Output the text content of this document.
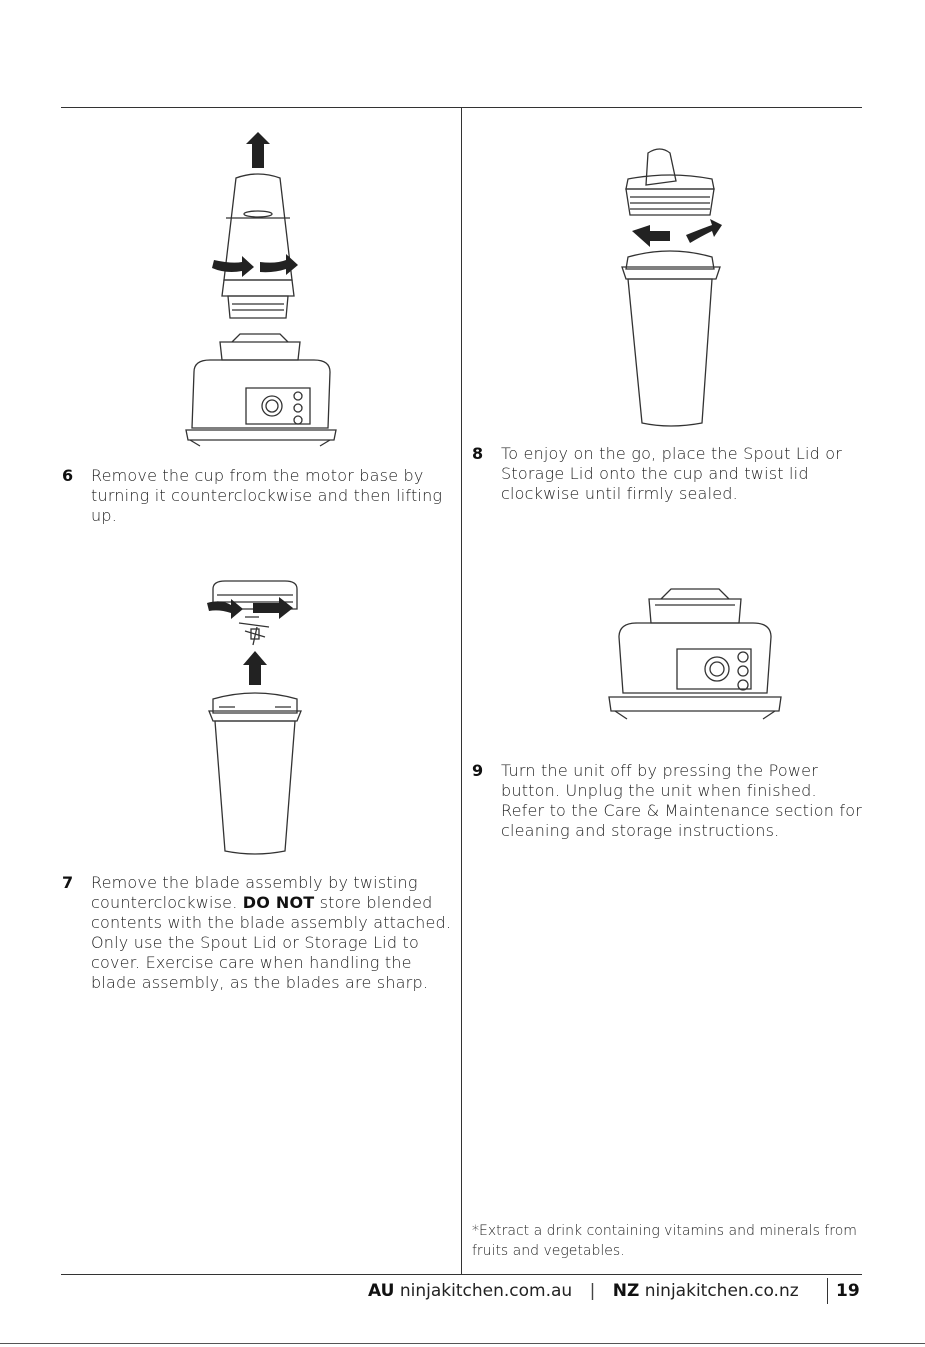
6 Remove the cup from the motor base by turning it counterclockwise and then lifting up.
7 Remove the blade assembly by twisting counterclockwise. DO NOT store blended contents with the blade assembly attached. Only use the Spout Lid or Storage Lid to cover. Exercise care when handling the blade assembly, as the blades are sharp.
8 To enjoy on the go, place the Spout Lid or Storage Lid onto the cup and twist lid clockwise until firmly sealed.
9 Turn the unit off by pressing the Power button. Unplug the unit when finished. Refer to the Care & Maintenance section for cleaning and storage instructions.
*Extract a drink containing vitamins and minerals from fruits and vegetables.
AU ninjakitchen.com.au | NZ ninjakitchen.co.nz	19
